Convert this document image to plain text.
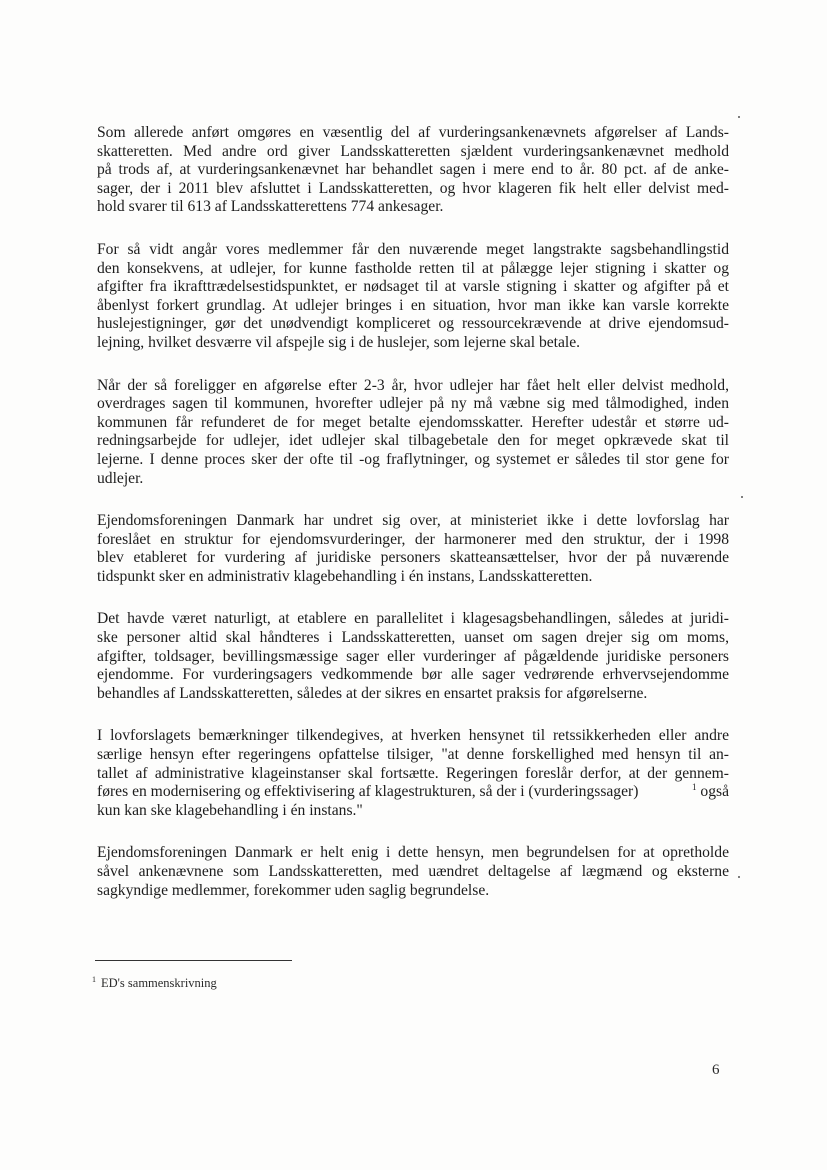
Som allerede anført omgøres en væsentlig del af vurderingsankenævnets afgørelser af Lands-
skatteretten. Med andre ord giver Landsskatteretten sjældent vurderingsankenævnet medhold
på trods af, at vurderingsankenævnet har behandlet sagen i mere end to år. 80 pct. af de anke-
sager, der i 2011 blev afsluttet i Landsskatteretten, og hvor klageren fik helt eller delvist med-
hold svarer til 613 af Landsskatterettens 774 ankesager.

For så vidt angår vores medlemmer får den nuværende meget langstrakte sagsbehandlingstid
den konsekvens, at udlejer, for kunne fastholde retten til at pålægge lejer stigning i skatter og
afgifter fra ikrafttrædelsestidspunktet, er nødsaget til at varsle stigning i skatter og afgifter på et
åbenlyst forkert grundlag. At udlejer bringes i en situation, hvor man ikke kan varsle korrekte
huslejestigninger, gør det unødvendigt kompliceret og ressourcekrævende at drive ejendomsud-
lejning, hvilket desværre vil afspejle sig i de huslejer, som lejerne skal betale.

Når der så foreligger en afgørelse efter 2-3 år, hvor udlejer har fået helt eller delvist medhold,
overdrages sagen til kommunen, hvorefter udlejer på ny må væbne sig med tålmodighed, inden
kommunen får refunderet de for meget betalte ejendomsskatter. Herefter udestår et større ud-
redningsarbejde for udlejer, idet udlejer skal tilbagebetale den for meget opkrævede skat til
lejerne. I denne proces sker der ofte til -og fraflytninger, og systemet er således til stor gene for
udlejer.

Ejendomsforeningen Danmark har undret sig over, at ministeriet ikke i dette lovforslag har
foreslået en struktur for ejendomsvurderinger, der harmonerer med den struktur, der i 1998
blev etableret for vurdering af juridiske personers skatteansættelser, hvor der på nuværende
tidspunkt sker en administrativ klagebehandling i én instans, Landsskatteretten.

Det havde været naturligt, at etablere en parallelitet i klagesagsbehandlingen, således at juridi-
ske personer altid skal håndteres i Landsskatteretten, uanset om sagen drejer sig om moms,
afgifter, toldsager, bevillingsmæssige sager eller vurderinger af pågældende juridiske personers
ejendomme. For vurderingsagers vedkommende bør alle sager vedrørende erhvervsejendomme
behandles af Landsskatteretten, således at der sikres en ensartet praksis for afgørelserne.

I lovforslagets bemærkninger tilkendegives, at hverken hensynet til retssikkerheden eller andre
særlige hensyn efter regeringens opfattelse tilsiger, "at denne forskellighed med hensyn til an-
tallet af administrative klageinstanser skal fortsætte. Regeringen foreslår derfor, at der gennem-
føres en modernisering og effektivisering af klagestrukturen, så der i (vurderingssager)	$^1$ også
kun kan ske klagebehandling i én instans."

Ejendomsforeningen Danmark er helt enig i dette hensyn, men begrundelsen for at opretholde
såvel ankenævnene som Landsskatteretten, med uændret deltagelse af lægmænd og eksterne
sagkyndige medlemmer, forekommer uden saglig begrundelse.

$^1$ ED's sammenskrivning
6
